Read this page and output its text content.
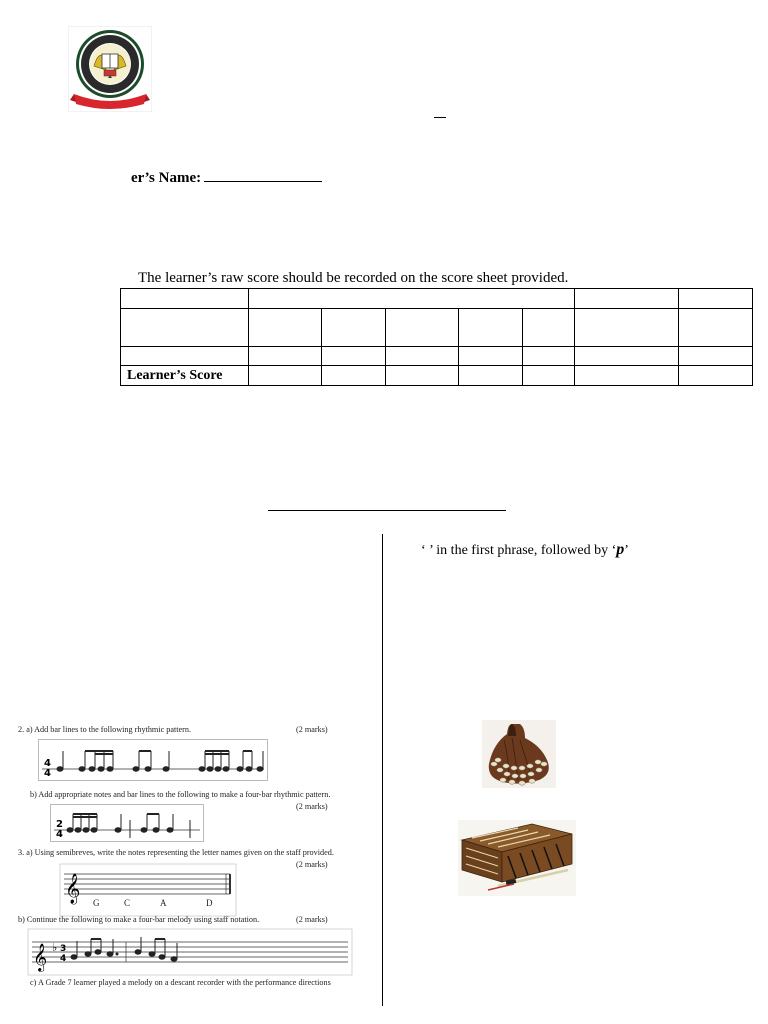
er’s Name:
The learner’s raw score should be recorded on the score sheet provided.

Learner’s Score							
‘ ’ in the first phrase, followed by ‘p’
2. a) Add bar lines to the following rhythmic pattern.	(2 marks)
4
4
b) Add appropriate notes and bar lines to the following to make a four-bar rhythmic pattern.
(2 marks)
2
4
3. a) Using semibreves, write the notes representing the letter names given on the staff provided.
(2 marks)
𝄞 G	C	A	D
b) Continue the following to make a four-bar melody using staff notation.	(2 marks)
𝄞 ♭ 3
4
c) A Grade 7 learner played a melody on a descant recorder with the performance directions
